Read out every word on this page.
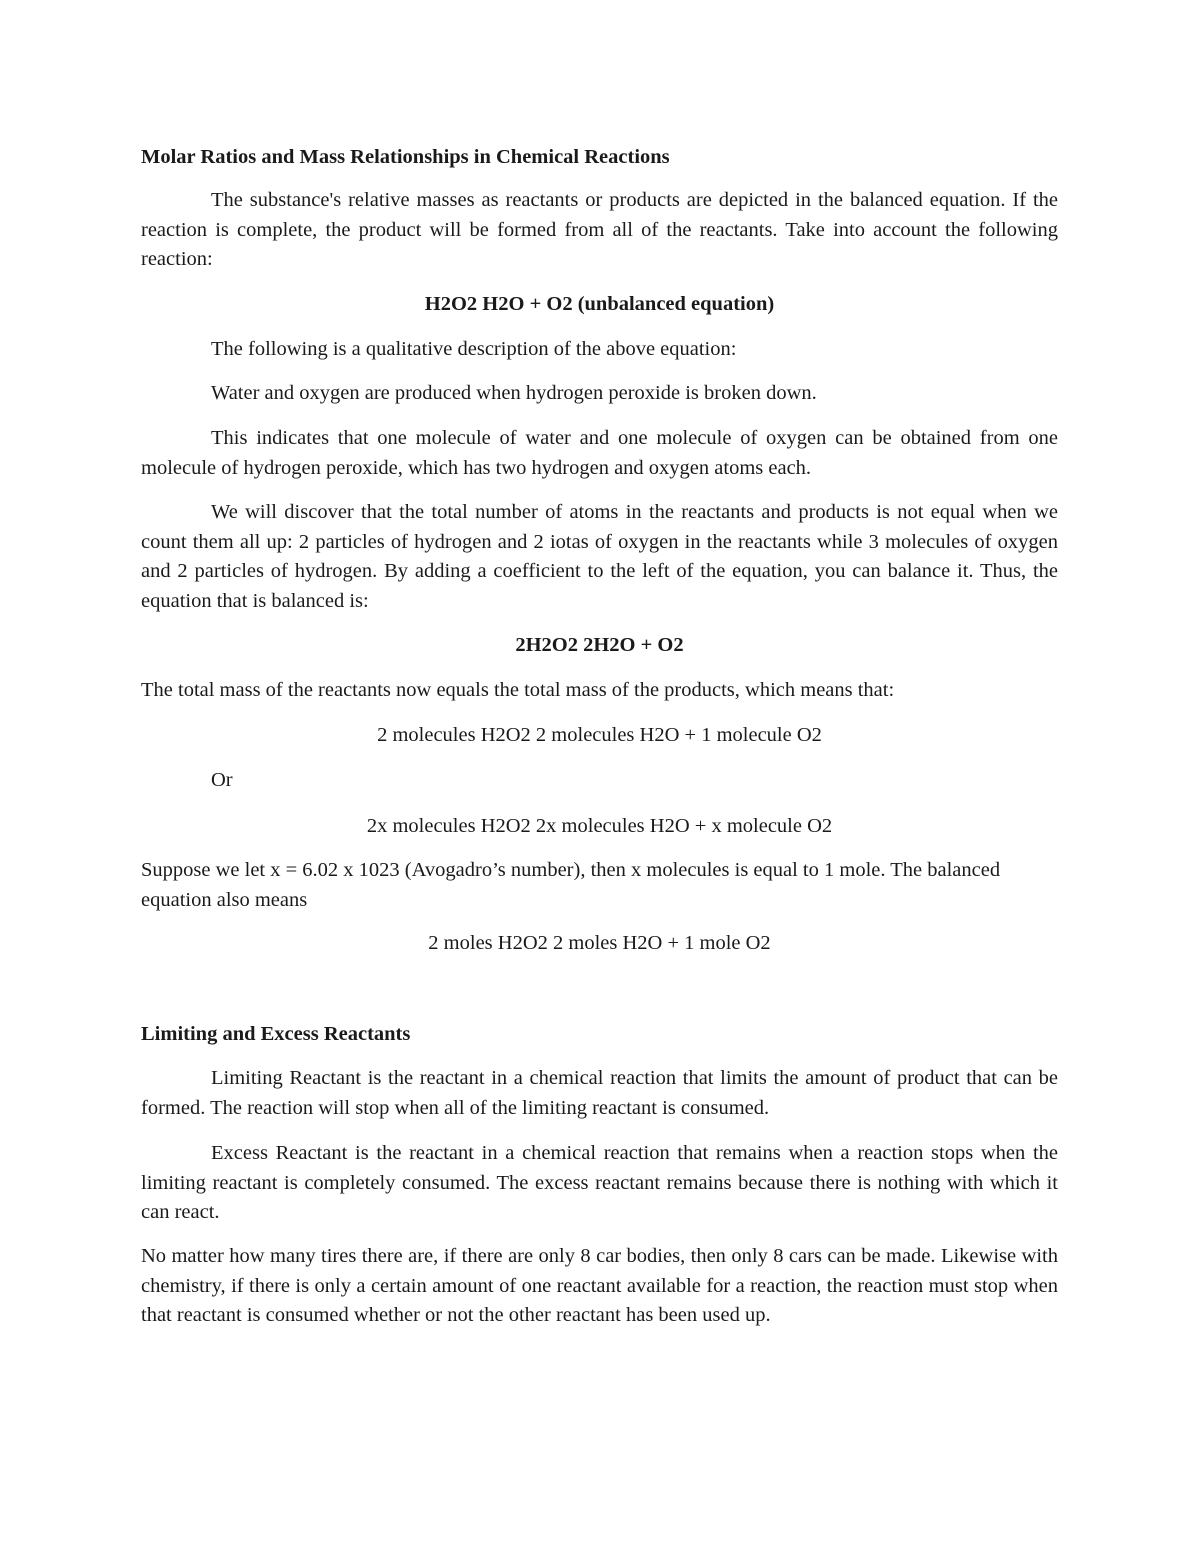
Molar Ratios and Mass Relationships in Chemical Reactions

The substance's relative masses as reactants or products are depicted in the balanced equation. If the reaction is complete, the product will be formed from all of the reactants. Take into account the following reaction:

H2O2 H2O + O2 (unbalanced equation)

The following is a qualitative description of the above equation:

Water and oxygen are produced when hydrogen peroxide is broken down.

This indicates that one molecule of water and one molecule of oxygen can be obtained from one molecule of hydrogen peroxide, which has two hydrogen and oxygen atoms each.

We will discover that the total number of atoms in the reactants and products is not equal when we count them all up: 2 particles of hydrogen and 2 iotas of oxygen in the reactants while 3 molecules of oxygen and 2 particles of hydrogen. By adding a coefficient to the left of the equation, you can balance it. Thus, the equation that is balanced is:

2H2O2 2H2O + O2

The total mass of the reactants now equals the total mass of the products, which means that:

2 molecules H2O2 2 molecules H2O + 1 molecule O2

Or

2x molecules H2O2 2x molecules H2O + x molecule O2

Suppose we let x = 6.02 x 1023 (Avogadro’s number), then x molecules is equal to 1 mole. The balanced equation also means

2 moles H2O2 2 moles H2O + 1 mole O2

Limiting and Excess Reactants

Limiting Reactant is the reactant in a chemical reaction that limits the amount of product that can be formed. The reaction will stop when all of the limiting reactant is consumed.

Excess Reactant is the reactant in a chemical reaction that remains when a reaction stops when the limiting reactant is completely consumed. The excess reactant remains because there is nothing with which it can react.

No matter how many tires there are, if there are only 8 car bodies, then only 8 cars can be made. Likewise with chemistry, if there is only a certain amount of one reactant available for a reaction, the reaction must stop when that reactant is consumed whether or not the other reactant has been used up.
